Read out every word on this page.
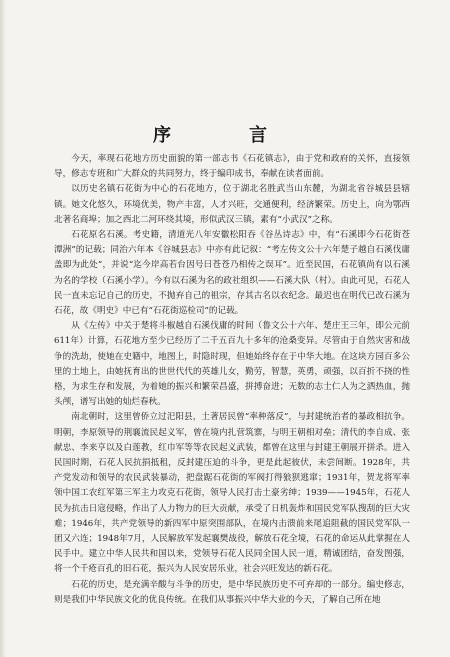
序　言

今天，率现石花地方历史面貌的第一部志书《石花镇志》，由于党和政府的关怀，直接领导，修志专班和广大群众的共同努力，终于编印成书，奉献在读者面前。

以历史名镇石花街为中心的石花地方，位于湖北名胜武当山东麓，为湖北省谷城县县辖镇。她文化悠久，环境优美，物产丰富，人才兴旺，交通便利，经济繁荣。历史上，向为鄂西北著名商埠；加之西北二河环绕其境，形似武汉三镇，素有“小武汉”之称。

石花原名石溪。考史籍，清道光八年安徽松阳吞《谷丛诗志》中，有“石溪即今石花街苍潭洲”的记载；同治六年本《谷城县志》中亦有此记叙：“考左传文公十六年楚子越自石溪伐庸盖即为此处”，并说“迄今岸高若台因号曰苍苍乃相传之误耳”。近至民国，石花镇尚有以石溪为名的学校（石溪小学）。今有以石溪为名的政社组织——石溪大队（村）。由此可见，石花人民一直未忘记自己的历史，不抛弃自己的祖宗，存其古名以衣纪念。最迟也在明代已改石溪为石花，故《明史》中已有“石花街巡检司”的记载。

从《左传》中关于楚将斗椒越自石溪伐庸的时间（鲁文公十六年、楚庄王三年，即公元前611年）计算，石花地方至少已经历了二千五百九十多年的沧桑变异。尽管由于自然灾害和战争的洗劫，使她在史籍中，地图上，时隐时现，但她始终存在于中华大地。在这块方园百多公里的土地上，由她抚育出的世世代代的英雄儿女，勤劳，智慧，英勇，顽强，以百折不挠的性格，为求生存和发展，为着她的振兴和繁荣昌盛，拼搏奋进；无数的志士仁人为之洒热血，抛头颅，谱写出她的灿烂春秋。

南北朝时，这里曾侨立过汜阳县，土著居民曾“率种落反”，与封建统治者的暴政相抗争。明朝，李原领导的荆襄流民起义军，曾在境内扎营筑寨，与明王朝相对垒；清代的李自成、张献忠、李来亨以及白莲教，红巾军等等农民起义武装，都曾在这里与封建王朝展开拼杀。进入民国时期，石花人民抗捐抵租，反封建压迫的斗争，更是此起彼伏，未尝间断。1928年，共产党发动和领导的农民武装暴动，把盘踞石花街的军阀打得狼狈逃窜；1931年，贺龙将军率领中国工农红军第三军主力攻克石花街，领导人民打击土豪劣绅；1939——1945年，石花人民为抗击日寇侵略，作出了人力物力的巨大贡献，承受了日机轰炸和国民党军队搜刮的巨大灾难；1946年，共产党领导的新四军中原突围部队，在境内击溃前来尾追阻截的国民党军队一团又六连；1948年7月，人民解放军发起襄樊战役，解放石花全境，石花的命运从此掌握在人民手中。建立中华人民共和国以来，党领导石花人民同全国人民一道，精诚团结，奋发图强，将一个千疮百孔的旧石花，振兴为人民安居乐业，社会兴旺发达的新石花。

石花的历史，是充满辛酸与斗争的历史，是中华民族历史不可弃却的一部分。编史修志，则是我们中华民族文化的优良传统。在我们从事振兴中华大业的今天，了解自己所在地
